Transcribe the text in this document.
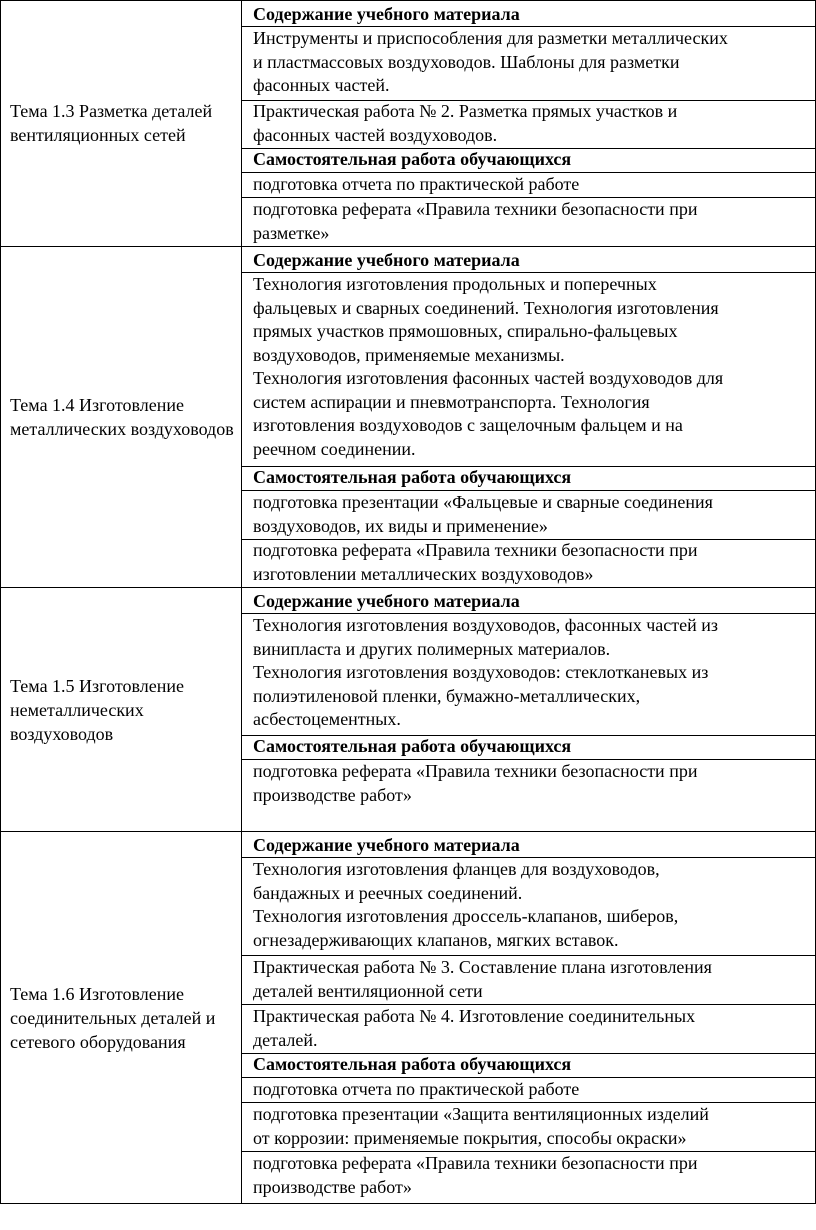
Тема 1.3 Разметка деталей вентиляционных сетей
Содержание учебного материала
Инструменты и приспособления для разметки металлических
и пластмассовых воздуховодов. Шаблоны для разметки
фасонных частей.
Практическая работа № 2. Разметка прямых участков и
фасонных частей воздуховодов.
Самостоятельная работа обучающихся
подготовка отчета по практической работе
подготовка реферата «Правила техники безопасности при
разметке»
Тема 1.4 Изготовление металлических воздуховодов
Содержание учебного материала
Технология изготовления продольных и поперечных
фальцевых и сварных соединений. Технология изготовления
прямых участков прямошовных, спирально-фальцевых
воздуховодов, применяемые механизмы.
Технология изготовления фасонных частей воздуховодов для
систем аспирации и пневмотранспорта. Технология
изготовления воздуховодов с защелочным фальцем и на
реечном соединении.
Самостоятельная работа обучающихся
подготовка презентации «Фальцевые и сварные соединения
воздуховодов, их виды и применение»
подготовка реферата «Правила техники безопасности при
изготовлении металлических воздуховодов»
Тема 1.5 Изготовление неметаллических воздуховодов
Содержание учебного материала
Технология изготовления воздуховодов, фасонных частей из
винипласта и других полимерных материалов.
Технология изготовления воздуховодов: стеклотканевых из
полиэтиленовой пленки, бумажно-металлических,
асбестоцементных.
Самостоятельная работа обучающихся
подготовка реферата «Правила техники безопасности при
производстве работ»
Тема 1.6 Изготовление соединительных деталей и сетевого оборудования
Содержание учебного материала
Технология изготовления фланцев для воздуховодов,
бандажных и реечных соединений.
Технология изготовления дроссель-клапанов, шиберов,
огнезадерживающих клапанов, мягких вставок.
Практическая работа № 3. Составление плана изготовления
деталей вентиляционной сети
Практическая работа № 4. Изготовление соединительных
деталей.
Самостоятельная работа обучающихся
подготовка отчета по практической работе
подготовка презентации «Защита вентиляционных изделий
от коррозии: применяемые покрытия, способы окраски»
подготовка реферата «Правила техники безопасности при
производстве работ»
